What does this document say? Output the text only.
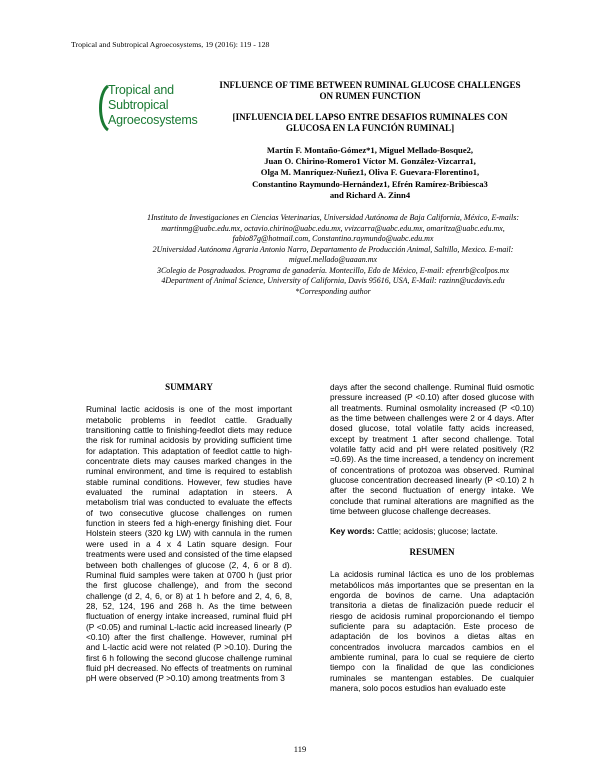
Tropical and Subtropical Agroecosystems, 19 (2016): 119 - 128
Tropical and
Subtropical
Agroecosystems
INFLUENCE OF TIME BETWEEN RUMINAL GLUCOSE CHALLENGES
ON RUMEN FUNCTION
[INFLUENCIA DEL LAPSO ENTRE DESAFIOS RUMINALES CON
GLUCOSA EN LA FUNCIÓN RUMINAL]
Martín F. Montaño-Gómez*1, Miguel Mellado-Bosque2,
Juan O. Chirino-Romero1 Víctor M. González-Vizcarra1,
Olga M. Manríquez-Nuñez1, Oliva F. Guevara-Florentino1,
Constantino Raymundo-Hernández1, Efrén Ramírez-Bribiesca3
and Richard A. Zinn4

1Instituto de Investigaciones en Ciencias Veterinarias, Universidad Autónoma de Baja California, México, E-mails: martinmg@uabc.edu.mx, octavio.chirino@uabc.edu.mx, vvizcarra@uabc.edu.mx, omaritza@uabc.edu.mx, fabio87g@hotmail.com, Constantino.raymundo@uabc.edu.mx

2Universidad Autónoma Agraria Antonio Narro, Departamento de Producción Animal, Saltillo, Mexico. E-mail: miguel.mellado@uaaan.mx

3Colegio de Posgraduados. Programa de ganadería. Montecillo, Edo de México, E-mail: efrenrb@colpos.mx

4Department of Animal Science, University of California, Davis 95616, USA, E-Mail: razinn@ucdavis.edu

*Corresponding author

SUMMARY

Ruminal lactic acidosis is one of the most important metabolic problems in feedlot cattle. Gradually transitioning cattle to finishing-feedlot diets may reduce the risk for ruminal acidosis by providing sufficient time for adaptation. This adaptation of feedlot cattle to high-concentrate diets may causes marked changes in the ruminal environment, and time is required to establish stable ruminal conditions. However, few studies have evaluated the ruminal adaptation in steers. A metabolism trial was conducted to evaluate the effects of two consecutive glucose challenges on rumen function in steers fed a high-energy finishing diet. Four Holstein steers (320 kg LW) with cannula in the rumen were used in a 4 x 4 Latin square design. Four treatments were used and consisted of the time elapsed between both challenges of glucose (2, 4, 6 or 8 d). Ruminal fluid samples were taken at 0700 h (just prior the first glucose challenge), and from the second challenge (d 2, 4, 6, or 8) at 1 h before and 2, 4, 6, 8, 28, 52, 124, 196 and 268 h. As the time between fluctuation of energy intake increased, ruminal fluid pH (P <0.05) and ruminal L-lactic acid increased linearly (P <0.10) after the first challenge. However, ruminal pH and L-lactic acid were not related (P >0.10). During the first 6 h following the second glucose challenge ruminal fluid pH decreased. No effects of treatments on ruminal pH were observed (P >0.10) among treatments from 3

days after the second challenge. Ruminal fluid osmotic pressure increased (P <0.10) after dosed glucose with all treatments. Ruminal osmolality increased (P <0.10) as the time between challenges were 2 or 4 days. After dosed glucose, total volatile fatty acids increased, except by treatment 1 after second challenge. Total volatile fatty acid and pH were related positively (R2 =0.69). As the time increased, a tendency on increment of concentrations of protozoa was observed. Ruminal glucose concentration decreased linearly (P <0.10) 2 h after the second fluctuation of energy intake. We conclude that ruminal alterations are magnified as the time between glucose challenge decreases.

Key words: Cattle; acidosis; glucose; lactate.

RESUMEN

La acidosis ruminal láctica es uno de los problemas metabólicos más importantes que se presentan en la engorda de bovinos de carne. Una adaptación transitoria a dietas de finalización puede reducir el riesgo de acidosis ruminal proporcionando el tiempo suficiente para su adaptación. Este proceso de adaptación de los bovinos a dietas altas en concentrados involucra marcados cambios en el ambiente ruminal, para lo cual se requiere de cierto tiempo con la finalidad de que las condiciones ruminales se mantengan estables. De cualquier manera, solo pocos estudios han evaluado este

119
